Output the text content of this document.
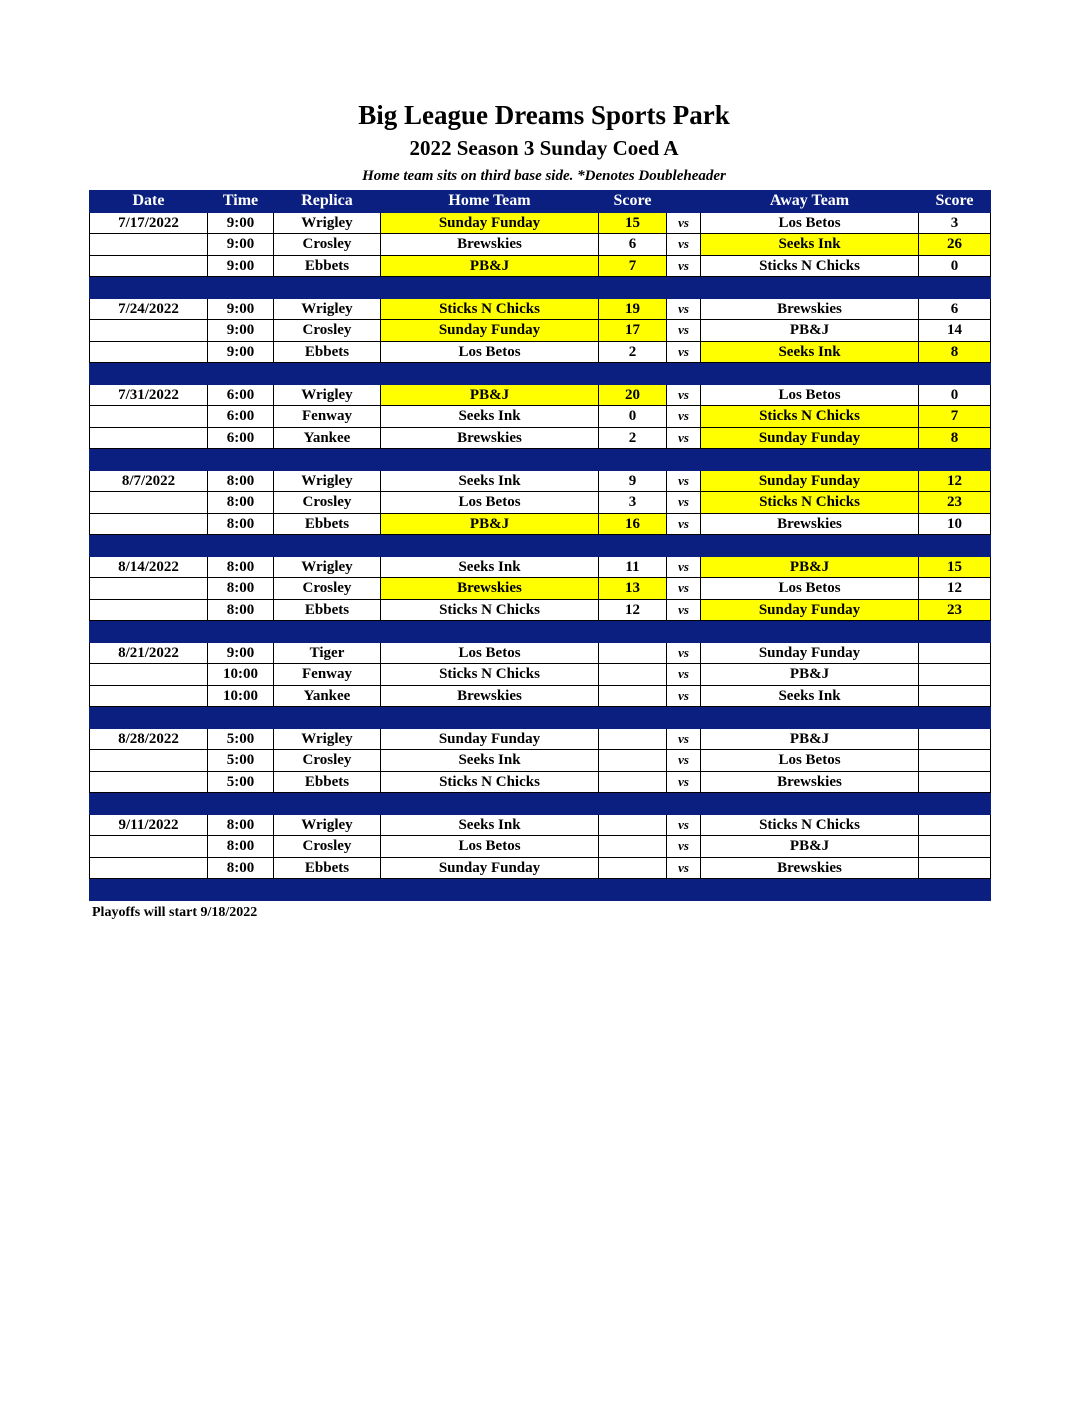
Big League Dreams Sports Park
2022 Season 3 Sunday Coed A
Home team sits on third base side. *Denotes Doubleheader
Date	Time	Replica	Home Team	Score		Away Team	Score
7/17/2022	9:00	Wrigley	Sunday Funday	15	vs	Los Betos	3
	9:00	Crosley	Brewskies	6	vs	Seeks Ink	26
	9:00	Ebbets	PB&J	7	vs	Sticks N Chicks	0

7/24/2022	9:00	Wrigley	Sticks N Chicks	19	vs	Brewskies	6
	9:00	Crosley	Sunday Funday	17	vs	PB&J	14
	9:00	Ebbets	Los Betos	2	vs	Seeks Ink	8

7/31/2022	6:00	Wrigley	PB&J	20	vs	Los Betos	0
	6:00	Fenway	Seeks Ink	0	vs	Sticks N Chicks	7
	6:00	Yankee	Brewskies	2	vs	Sunday Funday	8

8/7/2022	8:00	Wrigley	Seeks Ink	9	vs	Sunday Funday	12
	8:00	Crosley	Los Betos	3	vs	Sticks N Chicks	23
	8:00	Ebbets	PB&J	16	vs	Brewskies	10

8/14/2022	8:00	Wrigley	Seeks Ink	11	vs	PB&J	15
	8:00	Crosley	Brewskies	13	vs	Los Betos	12
	8:00	Ebbets	Sticks N Chicks	12	vs	Sunday Funday	23

8/21/2022	9:00	Tiger	Los Betos		vs	Sunday Funday	
	10:00	Fenway	Sticks N Chicks		vs	PB&J	
	10:00	Yankee	Brewskies		vs	Seeks Ink	

8/28/2022	5:00	Wrigley	Sunday Funday		vs	PB&J	
	5:00	Crosley	Seeks Ink		vs	Los Betos	
	5:00	Ebbets	Sticks N Chicks		vs	Brewskies	

9/11/2022	8:00	Wrigley	Seeks Ink		vs	Sticks N Chicks	
	8:00	Crosley	Los Betos		vs	PB&J	
	8:00	Ebbets	Sunday Funday		vs	Brewskies	

Playoffs will start 9/18/2022
